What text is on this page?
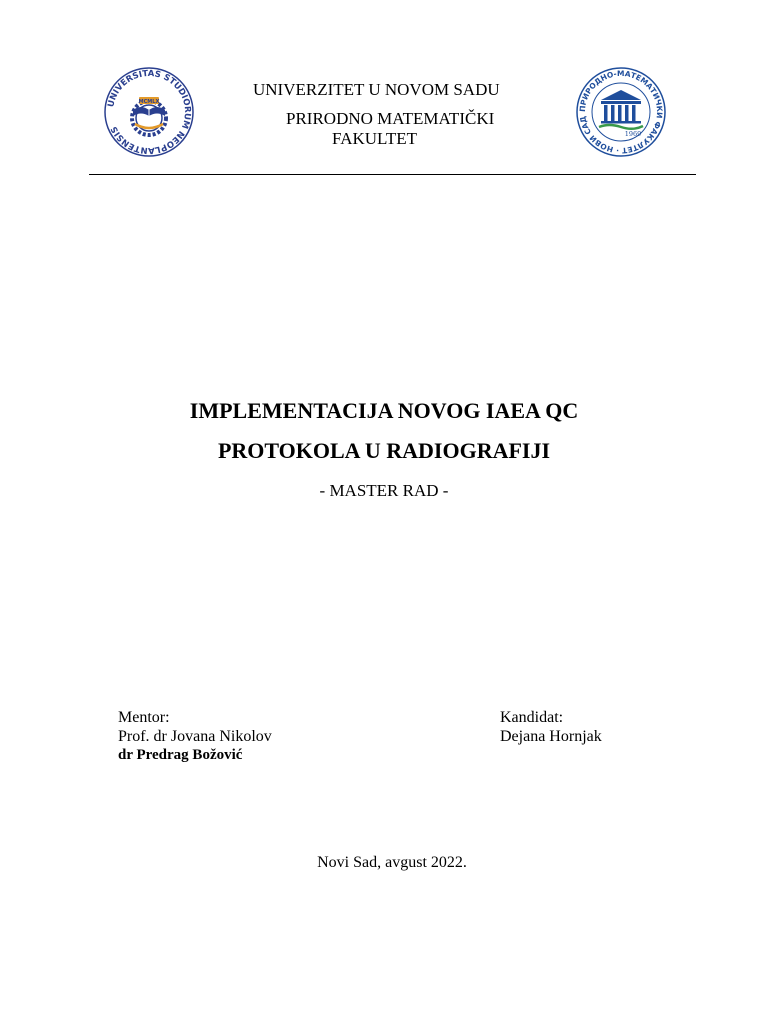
UNIVERSITAS STUDIORUM NEOPLANTENSIS
MCMLX
UNIVERZITET U NOVOM SADU
PRIRODNO MATEMATIČKI
FAKULTET
ПРИРОДНО-МАТЕМАТИЧКИ ФАКУЛТЕТ · НОВИ САД
1969
IMPLEMENTACIJA NOVOG IAEA QC
PROTOKOLA U RADIOGRAFIJI
- MASTER RAD -
Mentor:
Prof. dr Jovana Nikolov
dr Predrag Božović
Kandidat:
Dejana Hornjak
Novi Sad, avgust 2022.
